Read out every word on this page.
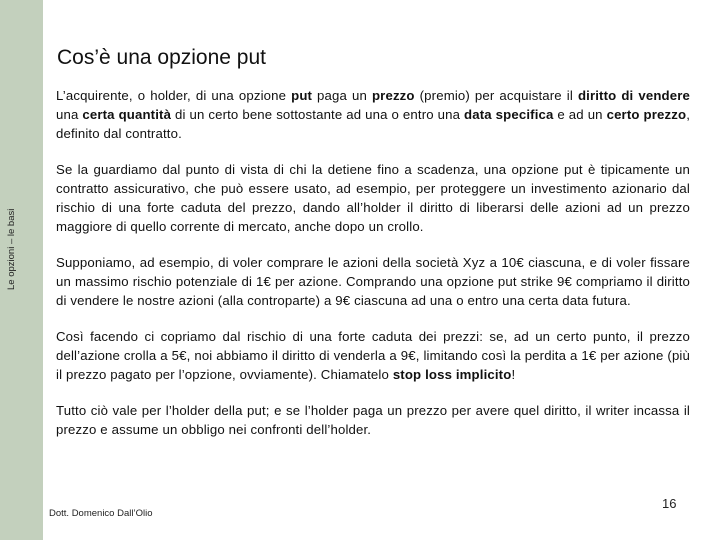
Le opzioni – le basi
Cos’è una opzione put

L’acquirente, o holder, di una opzione put paga un prezzo (premio) per acquistare il diritto di vendere una certa quantità di un certo bene sottostante ad una o entro una data specifica e ad un certo prezzo, definito dal contratto.

Se la guardiamo dal punto di vista di chi la detiene fino a scadenza, una opzione put è tipicamente un contratto assicurativo, che può essere usato, ad esempio, per proteggere un investimento azionario dal rischio di una forte caduta del prezzo, dando all’holder il diritto di liberarsi delle azioni ad un prezzo maggiore di quello corrente di mercato, anche dopo un crollo.

Supponiamo, ad esempio, di voler comprare le azioni della società Xyz a 10€ ciascuna, e di voler fissare un massimo rischio potenziale di 1€ per azione. Comprando una opzione put strike 9€ compriamo il diritto di vendere le nostre azioni (alla controparte) a 9€ ciascuna ad una o entro una certa data futura.

Così facendo ci copriamo dal rischio di una forte caduta dei prezzi: se, ad un certo punto, il prezzo dell’azione crolla a 5€, noi abbiamo il diritto di venderla a 9€, limitando così la perdita a 1€ per azione (più il prezzo pagato per l’opzione, ovviamente). Chiamatelo stop loss implicito!

Tutto ciò vale per l’holder della put; e se l’holder paga un prezzo per avere quel diritto, il writer incassa il prezzo e assume un obbligo nei confronti dell’holder.

Dott. Domenico Dall’Olio
16
